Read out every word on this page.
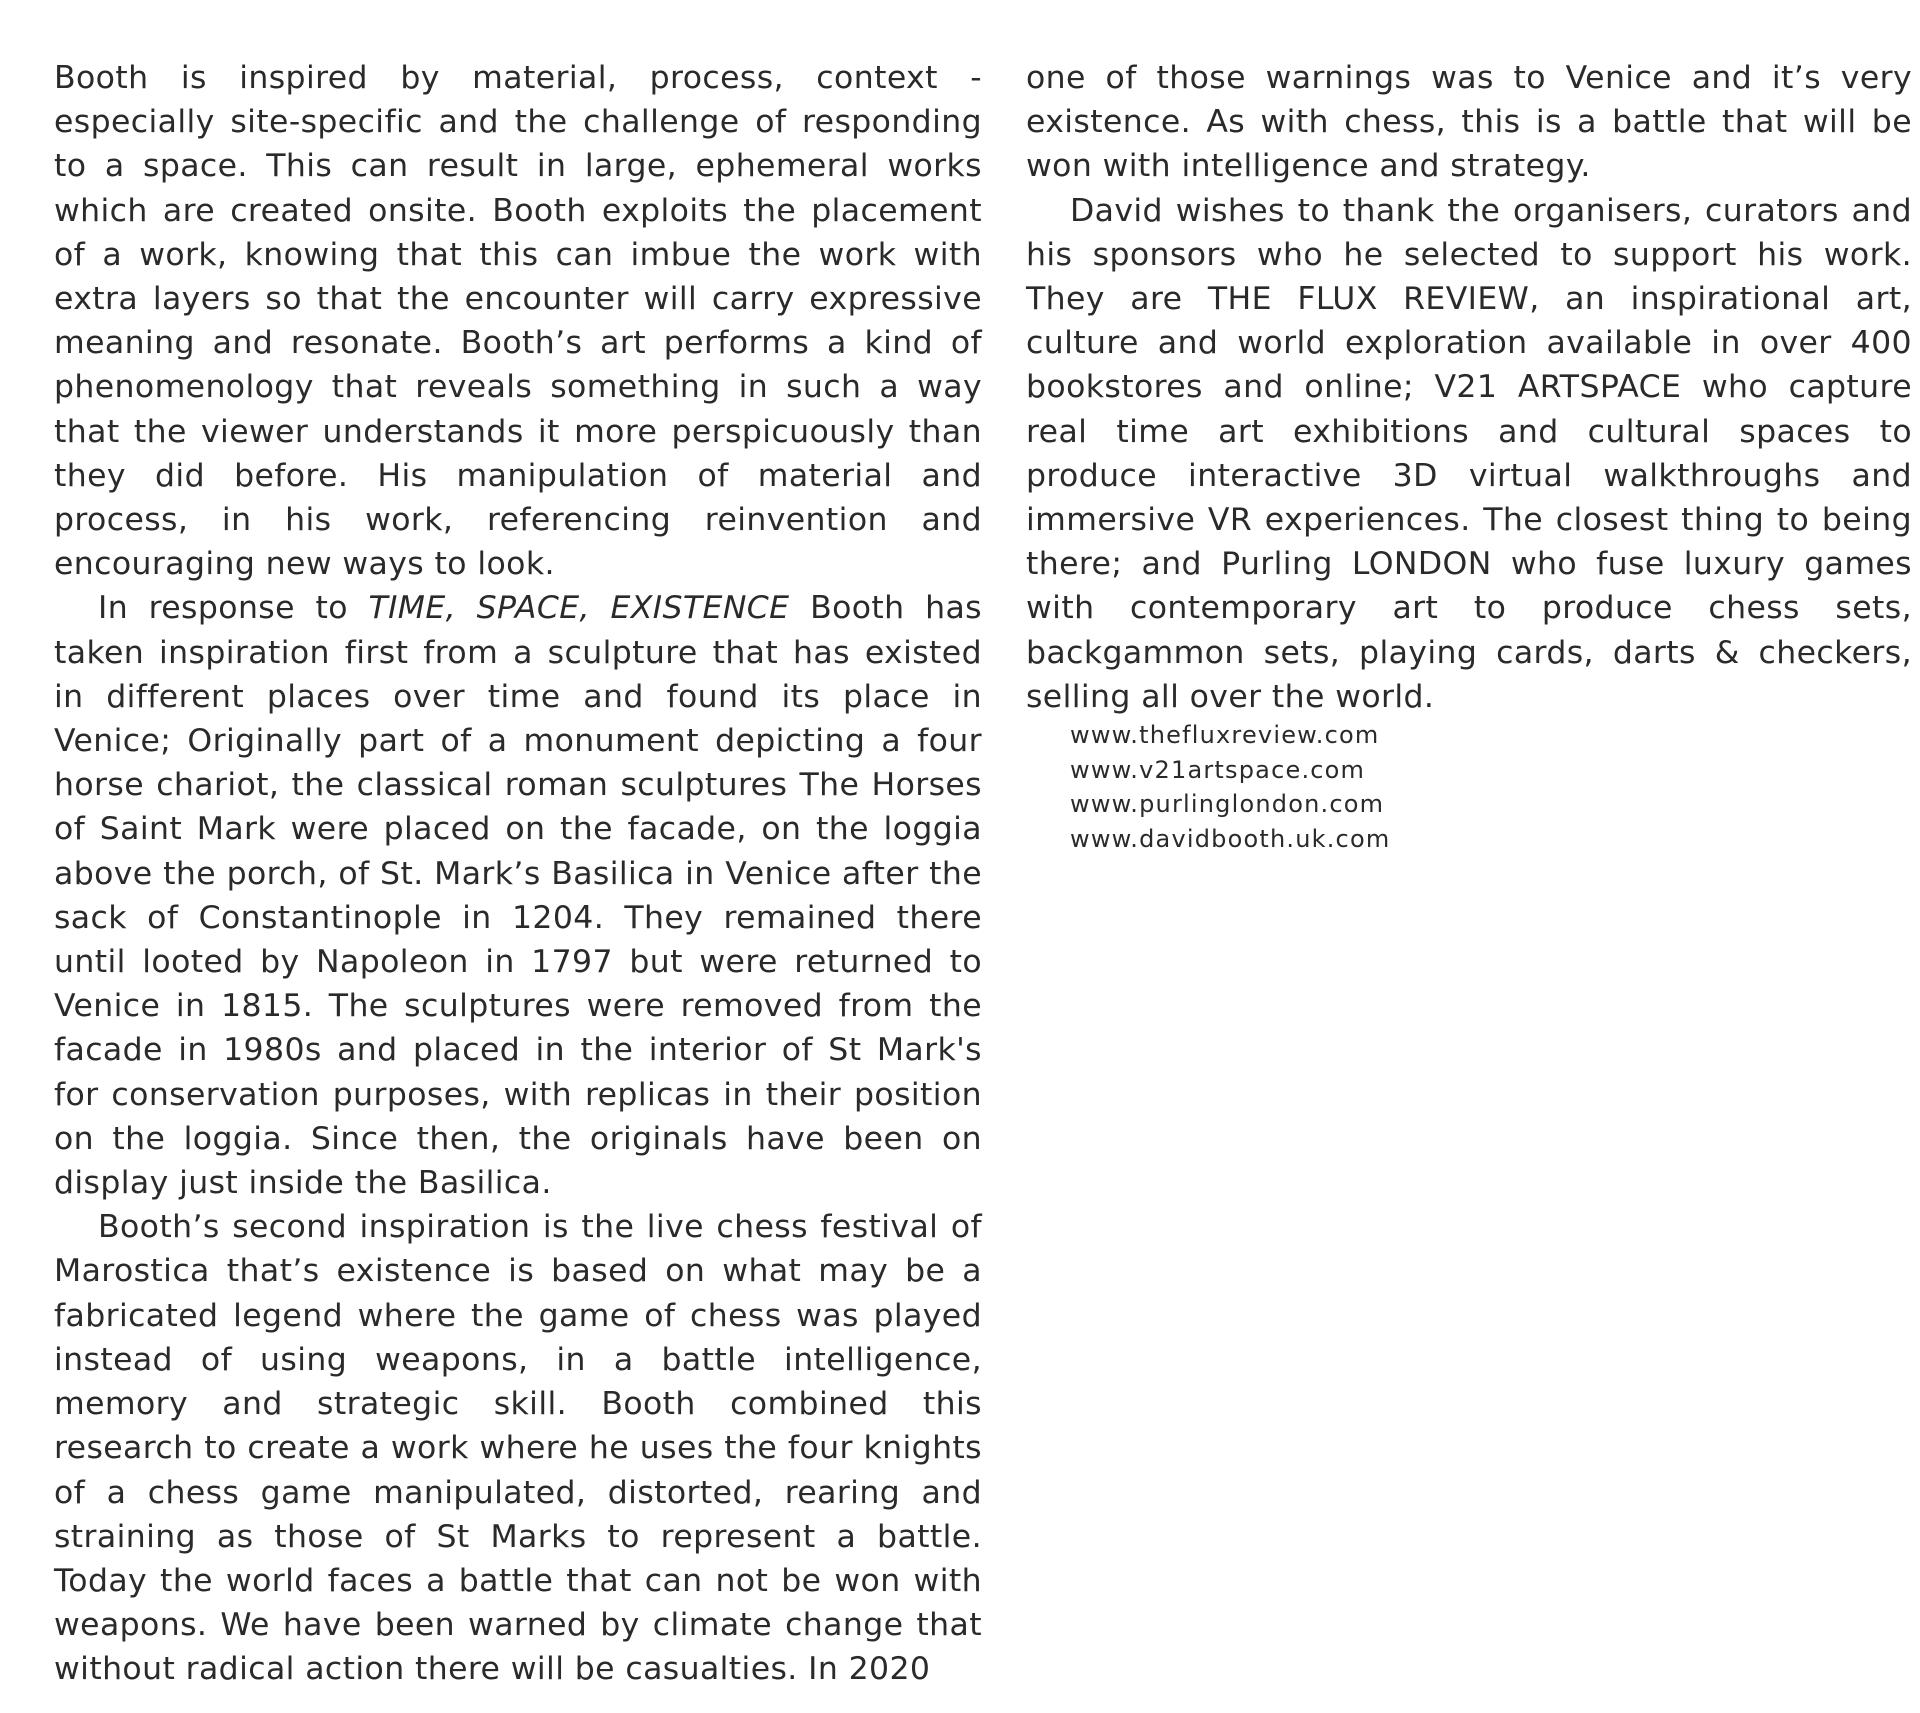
Booth is inspired by material, process, context - especially site-specific and the challenge of responding to a space. This can result in large, ephemeral works which are created onsite. Booth exploits the placement of a work, knowing that this can imbue the work with extra layers so that the encounter will carry expressive meaning and resonate. Booth’s art performs a kind of phenomenology that reveals something in such a way that the viewer understands it more perspicuously than they did before. His manipulation of material and process, in his work, referencing reinvention and encouraging new ways to look.

In response to TIME, SPACE, EXISTENCE Booth has taken inspiration first from a sculpture that has existed in different places over time and found its place in Venice; Originally part of a monument depicting a four horse chariot, the classical roman sculptures The Horses of Saint Mark were placed on the facade, on the loggia above the porch, of St. Mark’s Basilica in Venice after the sack of Constantinople in 1204. They remained there until looted by Napoleon in 1797 but were returned to Venice in 1815. The sculptures were removed from the facade in 1980s and placed in the interior of St Mark's for conservation purposes, with replicas in their position on the loggia. Since then, the originals have been on display just inside the Basilica.

Booth’s second inspiration is the live chess festival of Marostica that’s existence is based on what may be a fabricated legend where the game of chess was played instead of using weapons, in a battle intelligence, memory and strategic skill. Booth combined this research to create a work where he uses the four knights of a chess game manipulated, distorted, rearing and straining as those of St Marks to represent a battle. Today the world faces a battle that can not be won with weapons. We have been warned by climate change that without radical action there will be casualties. In 2020

one of those warnings was to Venice and it’s very existence. As with chess, this is a battle that will be won with intelligence and strategy.

David wishes to thank the organisers, curators and his sponsors who he selected to support his work. They are THE FLUX REVIEW, an inspirational art, culture and world exploration available in over 400 bookstores and online; V21 ARTSPACE who capture real time art exhibitions and cultural spaces to produce interactive 3D virtual walkthroughs and immersive VR experiences. The closest thing to being there; and Purling LONDON who fuse luxury games with contemporary art to produce chess sets, backgammon sets, playing cards, darts & checkers, selling all over the world.

www.thefluxreview.com
www.v21artspace.com
www.purlinglondon.com
www.davidbooth.uk.com
